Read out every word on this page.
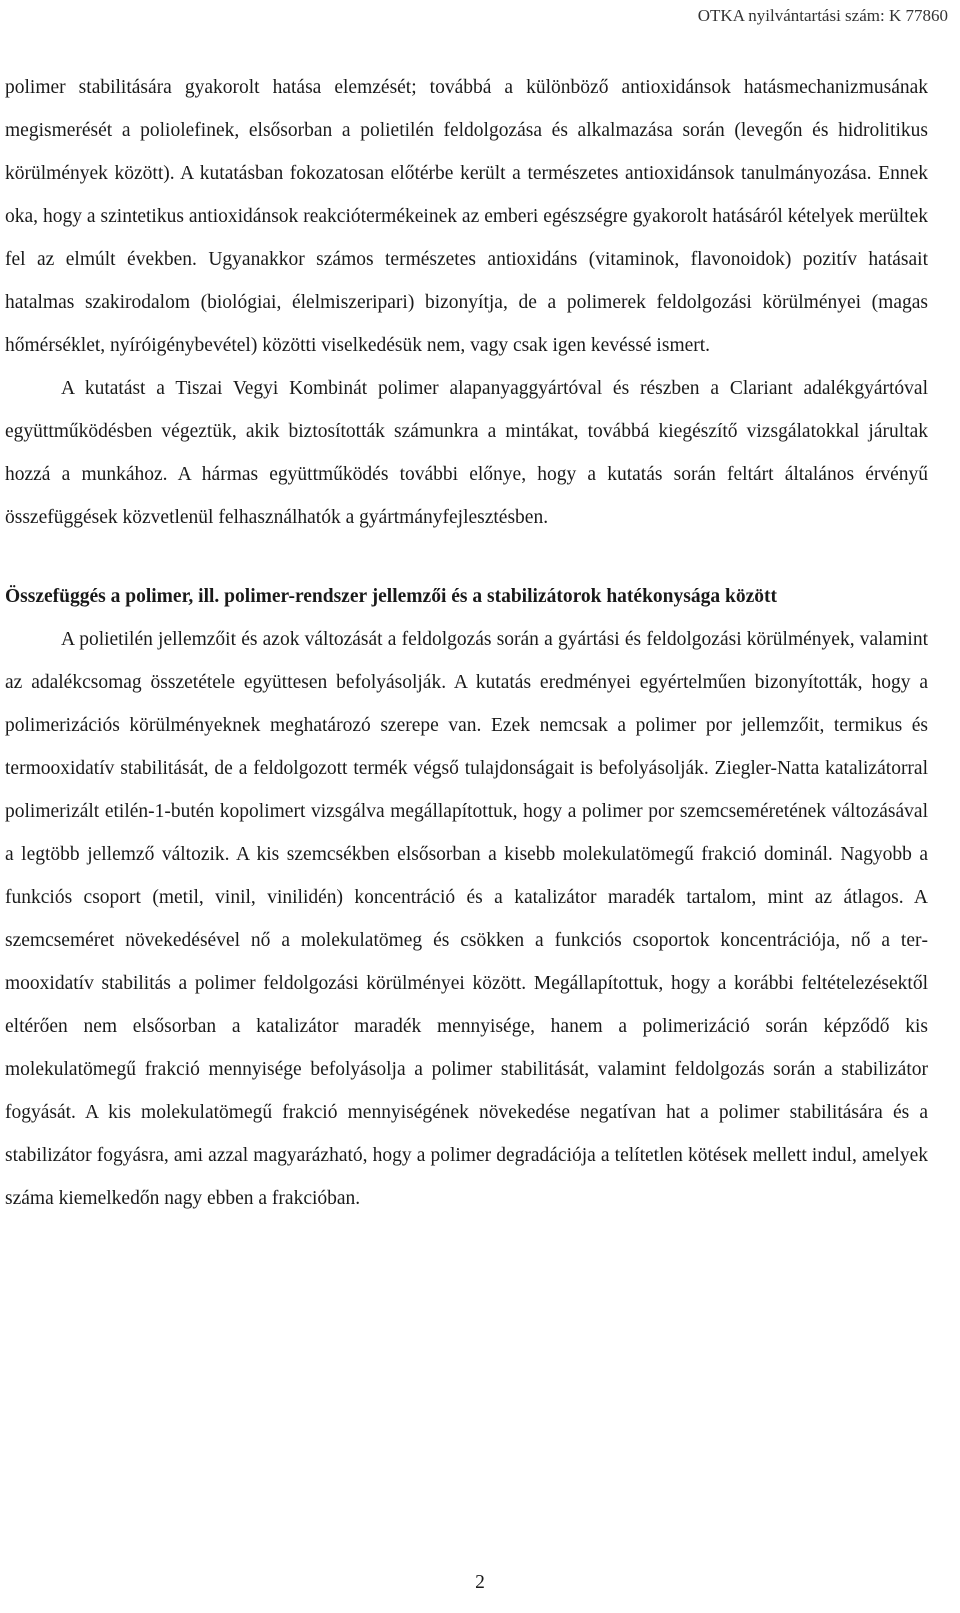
OTKA nyilvántartási szám: K 77860

polimer stabilitására gyakorolt hatása elemzését; továbbá a különböző antioxidánsok hatásmechanizmusának megismerését a poliolefinek, elsősorban a polietilén feldolgozása és alkalmazása során (levegőn és hidrolitikus körülmények között). A kutatásban fokozatosan előtérbe került a természetes antioxidánsok tanulmányozása. Ennek oka, hogy a szintetikus antioxidánsok reakciótermékeinek az emberi egészségre gyakorolt hatásáról kételyek merültek fel az elmúlt években. Ugyanakkor számos természetes antioxidáns (vitaminok, flavonoidok) pozitív hatásait hatalmas szakirodalom (biológiai, élelmiszeripari) bizonyítja, de a polimerek feldolgozási körülményei (magas hőmérséklet, nyíróigénybevétel) közötti viselkedésük nem, vagy csak igen kevéssé ismert.

A kutatást a Tiszai Vegyi Kombinát polimer alapanyaggyártóval és részben a Clariant adalékgyártóval együttműködésben végeztük, akik biztosították számunkra a mintákat, továbbá kiegészítő vizsgálatokkal járultak hozzá a munkához. A hármas együttműködés további előnye, hogy a kutatás során feltárt általános érvényű összefüggések közvetlenül felhasználhatók a gyártmányfejlesztésben.

Összefüggés a polimer, ill. polimer-rendszer jellemzői és a stabilizátorok hatékonysága között

A polietilén jellemzőit és azok változását a feldolgozás során a gyártási és feldolgozási körülmények, valamint az adalékcsomag összetétele együttesen befolyásolják. A kutatás eredményei egyértelműen bizonyították, hogy a polimerizációs körülményeknek meghatározó szerepe van. Ezek nemcsak a polimer por jellemzőit, termikus és termooxidatív stabilitását, de a feldolgozott termék végső tulajdonságait is befolyásolják. Ziegler-Natta katalizátorral polimerizált etilén-1-butén kopolimert vizsgálva megállapítottuk, hogy a polimer por szemcseméretének változásával a legtöbb jellemző változik. A kis szemcsékben elsősorban a kisebb molekulatömegű frakció dominál. Nagyobb a funkciós csoport (metil, vinil, vinilidén) koncentráció és a katalizátor maradék tartalom, mint az átlagos. A szemcseméret növekedésével nő a molekulatömeg és csökken a funkciós csoportok koncentrációja, nő a termooxidatív stabilitás a polimer feldolgozási körülményei között. Megállapítottuk, hogy a korábbi feltételezésektől eltérően nem elsősorban a katalizátor maradék mennyisége, hanem a polimerizáció során képződő kis molekulatömegű frakció mennyisége befolyásolja a polimer stabilitását, valamint feldolgozás során a stabilizátor fogyását. A kis molekulatömegű frakció mennyiségének növekedése negatívan hat a polimer stabilitására és a stabilizátor fogyásra, ami azzal magyarázható, hogy a polimer degradációja a telítetlen kötések mellett indul, amelyek száma kiemelkedőn nagy ebben a frakcióban.

2
